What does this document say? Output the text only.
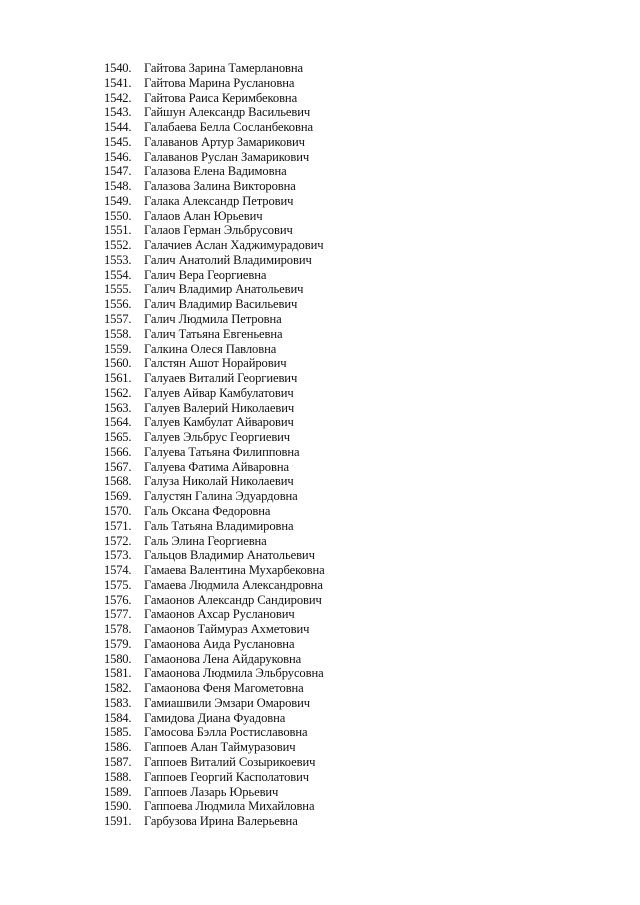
1540. Гайтова Зарина Тамерлановна
1541. Гайтова Марина Руслановна
1542. Гайтова Раиса Керимбековна
1543. Гайшун Александр Васильевич
1544. Галабаева Белла Сосланбековна
1545. Галаванов Артур Замарикович
1546. Галаванов Руслан Замарикович
1547. Галазова Елена Вадимовна
1548. Галазова Залина Викторовна
1549. Галака Александр Петрович
1550. Галаов Алан Юрьевич
1551. Галаов Герман Эльбрусович
1552. Галачиев Аслан Хаджимурадович
1553. Галич Анатолий Владимирович
1554. Галич Вера Георгиевна
1555. Галич Владимир Анатольевич
1556. Галич Владимир Васильевич
1557. Галич Людмила Петровна
1558. Галич Татьяна Евгеньевна
1559. Галкина Олеся Павловна
1560. Галстян Ашот Норайрович
1561. Галуаев Виталий Георгиевич
1562. Галуев Айвар Камбулатович
1563. Галуев Валерий Николаевич
1564. Галуев Камбулат Айварович
1565. Галуев Эльбрус Георгиевич
1566. Галуева Татьяна Филипповна
1567. Галуева Фатима Айваровна
1568. Галуза Николай Николаевич
1569. Галустян Галина Эдуардовна
1570. Галь Оксана Федоровна
1571. Галь Татьяна Владимировна
1572. Галь Элина Георгиевна
1573. Гальцов Владимир Анатольевич
1574. Гамаева Валентина Мухарбековна
1575. Гамаева Людмила Александровна
1576. Гамаонов Александр Сандирович
1577. Гамаонов Ахсар Русланович
1578. Гамаонов Таймураз Ахметович
1579. Гамаонова Аида Руслановна
1580. Гамаонова Лена Айдаруковна
1581. Гамаонова Людмила Эльбрусовна
1582. Гамаонова Феня Магометовна
1583. Гамиашвили Эмзари Омарович
1584. Гамидова Диана Фуадовна
1585. Гамосова Бэлла Ростиславовна
1586. Гаппоев Алан Таймуразович
1587. Гаппоев Виталий Созырикоевич
1588. Гаппоев Георгий Касполатович
1589. Гаппоев Лазарь Юрьевич
1590. Гаппоева Людмила Михайловна
1591. Гарбузова Ирина Валерьевна
